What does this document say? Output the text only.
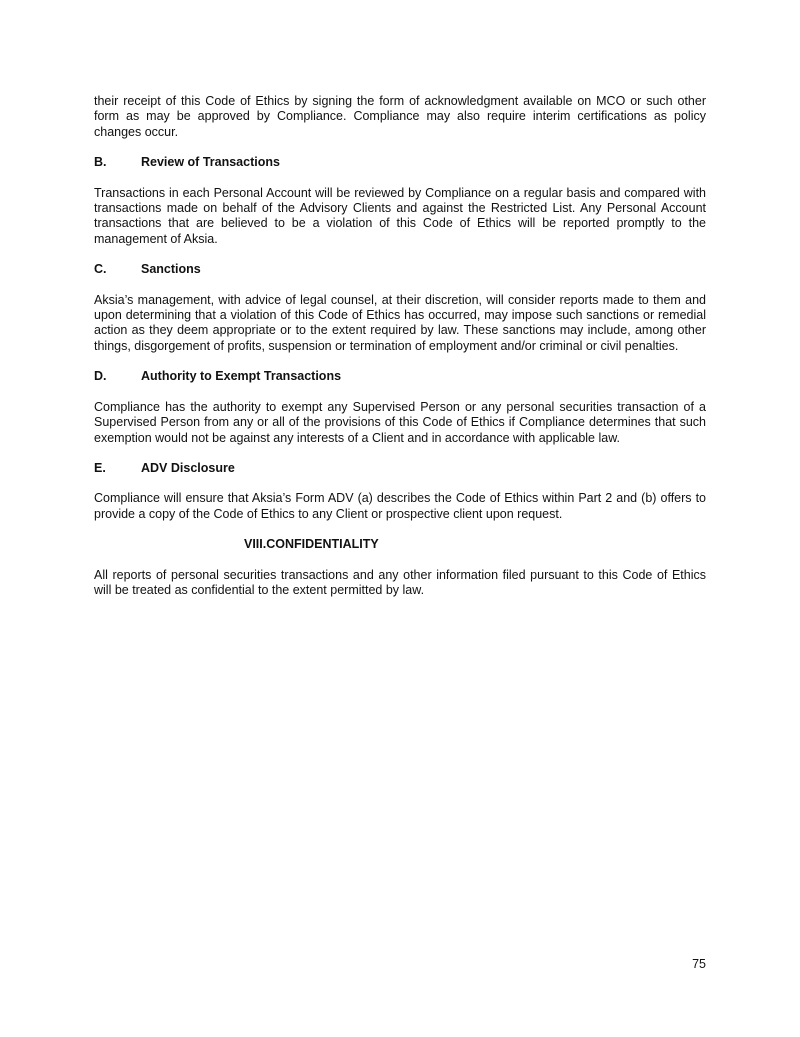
their receipt of this Code of Ethics by signing the form of acknowledgment available on MCO or such other form as may be approved by Compliance. Compliance may also require interim certifications as policy changes occur.

B.	Review of Transactions

Transactions in each Personal Account will be reviewed by Compliance on a regular basis and compared with transactions made on behalf of the Advisory Clients and against the Restricted List. Any Personal Account transactions that are believed to be a violation of this Code of Ethics will be reported promptly to the management of Aksia.

C.	Sanctions

Aksia’s management, with advice of legal counsel, at their discretion, will consider reports made to them and upon determining that a violation of this Code of Ethics has occurred, may impose such sanctions or remedial action as they deem appropriate or to the extent required by law. These sanctions may include, among other things, disgorgement of profits, suspension or termination of employment and/or criminal or civil penalties.

D.	Authority to Exempt Transactions

Compliance has the authority to exempt any Supervised Person or any personal securities transaction of a Supervised Person from any or all of the provisions of this Code of Ethics if Compliance determines that such exemption would not be against any interests of a Client and in accordance with applicable law.

E.	ADV Disclosure

Compliance will ensure that Aksia’s Form ADV (a) describes the Code of Ethics within Part 2 and (b) offers to provide a copy of the Code of Ethics to any Client or prospective client upon request.

VIII.CONFIDENTIALITY

All reports of personal securities transactions and any other information filed pursuant to this Code of Ethics will be treated as confidential to the extent permitted by law.

75
